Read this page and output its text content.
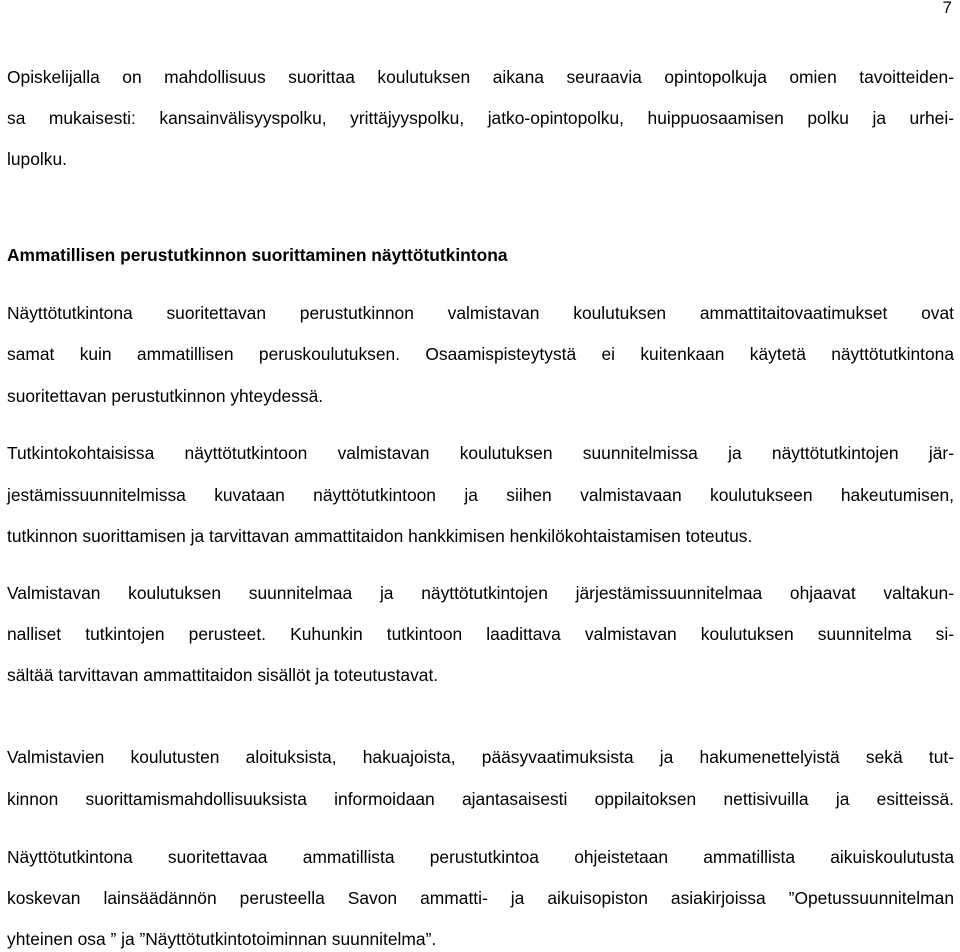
7
Opiskelijalla on mahdollisuus suorittaa koulutuksen aikana seuraavia opintopolkuja omien tavoitteiden-
sa mukaisesti: kansainvälisyyspolku, yrittäjyyspolku, jatko-opintopolku, huippuosaamisen polku ja urhei-
lupolku.
Ammatillisen perustutkinnon suorittaminen näyttötutkintona
Näyttötutkintona suoritettavan perustutkinnon valmistavan koulutuksen ammattitaitovaatimukset ovat
samat kuin ammatillisen peruskoulutuksen. Osaamispisteytystä ei kuitenkaan käytetä näyttötutkintona
suoritettavan perustutkinnon yhteydessä.
Tutkintokohtaisissa näyttötutkintoon valmistavan koulutuksen suunnitelmissa ja näyttötutkintojen jär-
jestämissuunnitelmissa kuvataan näyttötutkintoon ja siihen valmistavaan koulutukseen hakeutumisen,
tutkinnon suorittamisen ja tarvittavan ammattitaidon hankkimisen henkilökohtaistamisen toteutus.
Valmistavan koulutuksen suunnitelmaa ja näyttötutkintojen järjestämissuunnitelmaa ohjaavat valtakun-
nalliset tutkintojen perusteet. Kuhunkin tutkintoon laadittava valmistavan koulutuksen suunnitelma si-
sältää tarvittavan ammattitaidon sisällöt ja toteutustavat.
Valmistavien koulutusten aloituksista, hakuajoista, pääsyvaatimuksista ja hakumenettelyistä sekä tut-
kinnon suorittamismahdollisuuksista informoidaan ajantasaisesti oppilaitoksen nettisivuilla ja esitteissä.
Näyttötutkintona suoritettavaa ammatillista perustutkintoa ohjeistetaan ammatillista aikuiskoulutusta
koskevan lainsäädännön perusteella Savon ammatti- ja aikuisopiston asiakirjoissa ”Opetussuunnitelman
yhteinen osa ” ja ”Näyttötutkintotoiminnan suunnitelma”.
